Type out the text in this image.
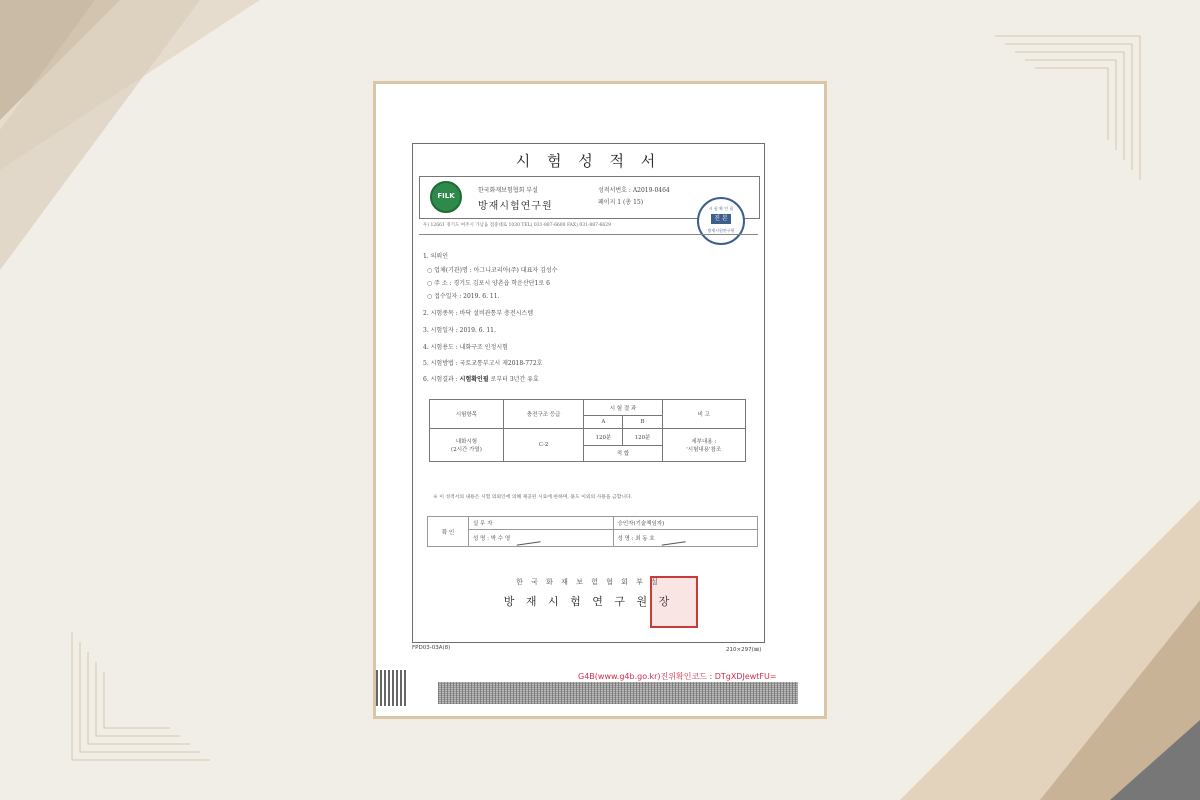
시 험 성 적 서
FILK
한국화재보험협회 부설
방재시험연구원
성적서번호 : A2019-0464
페이지 1 (총 15)
시 험 확 인 필
진 본
방재시험연구원
우) 12661 경기도 여주시 가남읍 점중대로 1030 TEL) 031-887-6600 FAX) 031-887-6629
1. 의뢰인
○ 업체(기관)명 : 아그니코리아(주) 대표자 김성수
○ 주 소 : 경기도 김포시 양촌읍 학운산단1로 6
○ 접수일자 : 2019. 6. 11.
2. 시험종목 : 바닥 설비관통부 충전시스템
3. 시험일자 : 2019. 6. 11.
4. 시험용도 : 내화구조 인정시험
5. 시험방법 : 국토교통부고시 제2018-772호
6. 시험결과 : 시험확인필 로부터 3년간 유효
시험항목	충전구조 등급	시 험 결 과		비 고
		A	B	
내화시험
(2시간 가열)	C-2	120분	120분	세부내용 :
'시험내용'참조
		적 합		
※ 이 성적서의 내용은 시험 의뢰인에 의해 제공된 시료에 한하며, 용도 이외의 사용을 금합니다.
확 인	실 무 자	승인자(기술책임자)
	성 명 : 박 수 영	성 명 : 최 동 호
한 국 화 재 보 험 협 회 부 설
방 재 시 험 연 구 원 장
FPD03-03A(8)	210×297(㎜)
G4B(www.g4b.go.kr)진위확인코드 : DTgXDJewtFU=
